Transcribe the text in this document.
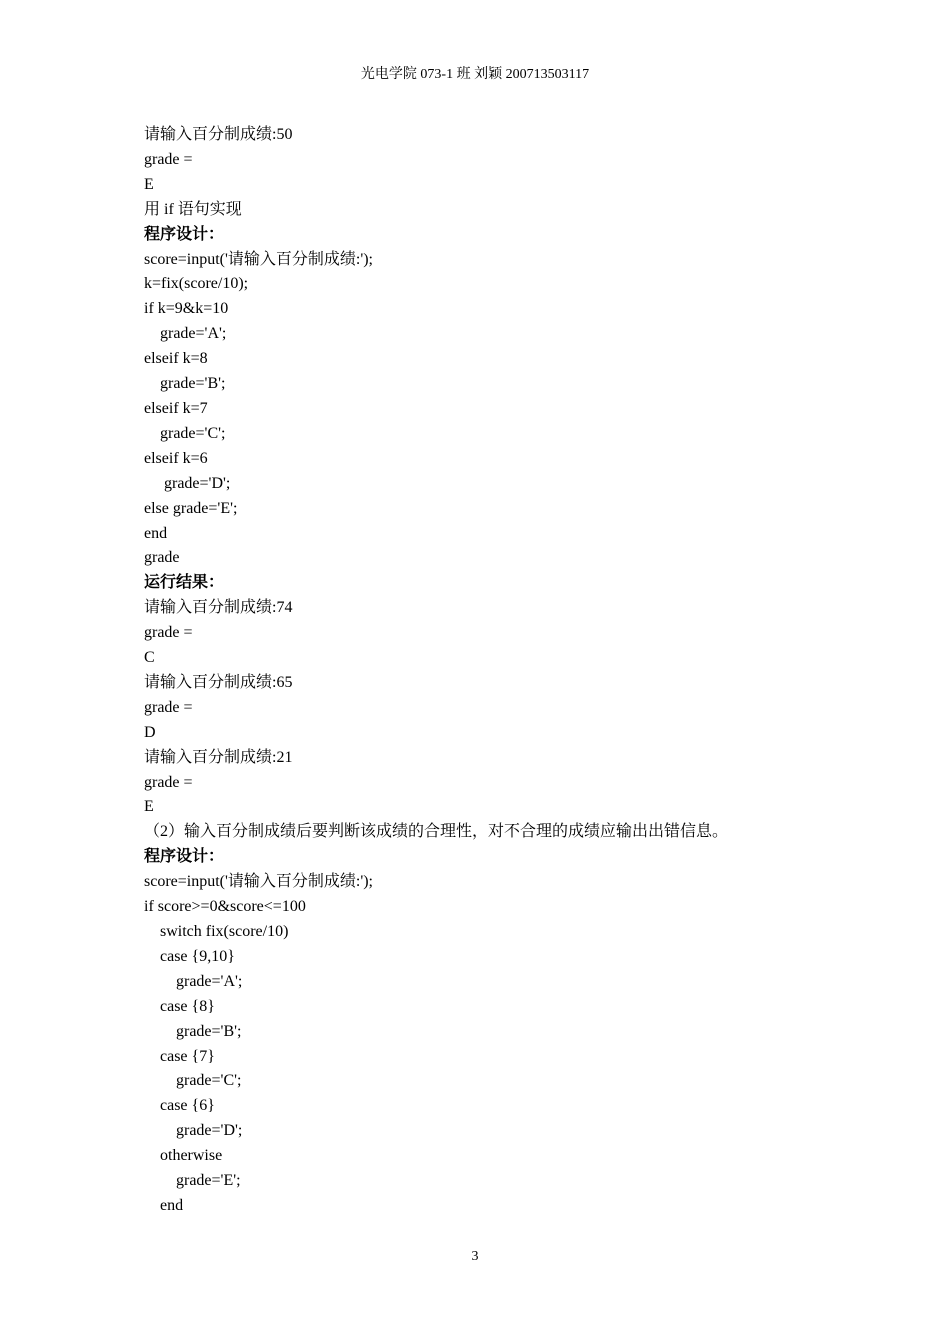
光电学院 073-1 班 刘颖 200713503117
请输入百分制成绩:50
grade =
E
用 if 语句实现
程序设计：
score=input('请输入百分制成绩:');
k=fix(score/10);
if k=9&k=10
grade='A';
elseif k=8
grade='B';
elseif k=7
grade='C';
elseif k=6
grade='D';
else grade='E';
end
grade
运行结果：
请输入百分制成绩:74
grade =
C
请输入百分制成绩:65
grade =
D
请输入百分制成绩:21
grade =
E
（2）输入百分制成绩后要判断该成绩的合理性，对不合理的成绩应输出出错信息。
程序设计：
score=input('请输入百分制成绩:');
if score>=0&score<=100
switch fix(score/10)
case {9,10}
grade='A';
case {8}
grade='B';
case {7}
grade='C';
case {6}
grade='D';
otherwise
grade='E';
end
3
